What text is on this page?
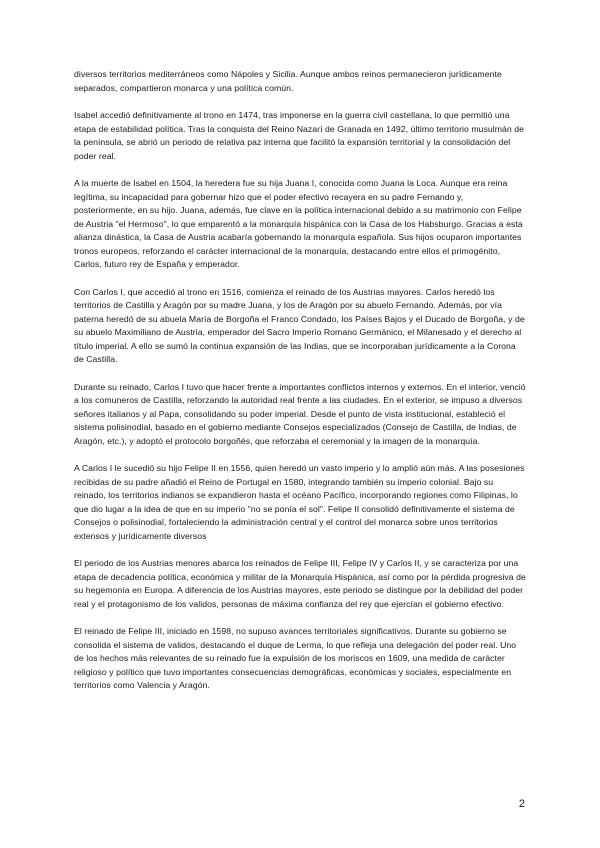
diversos territorios mediterráneos como Nápoles y Sicilia. Aunque ambos reinos permanecieron jurídicamente separados, compartieron monarca y una política común.

Isabel accedió definitivamente al trono en 1474, tras imponerse en la guerra civil castellana, lo que permitió una etapa de estabilidad política. Tras la conquista del Reino Nazarí de Granada en 1492, último territorio musulmán de la península, se abrió un periodo de relativa paz interna que facilitó la expansión territorial y la consolidación del poder real.

A la muerte de Isabel en 1504, la heredera fue su hija Juana I, conocida como Juana la Loca. Aunque era reina legítima, su incapacidad para gobernar hizo que el poder efectivo recayera en su padre Fernando y, posteriormente, en su hijo. Juana, además, fue clave en la política internacional debido a su matrimonio con Felipe de Austria "el Hermoso", lo que emparentó a la monarquía hispánica con la Casa de los Habsburgo. Gracias a esta alianza dinástica, la Casa de Austria acabaría gobernando la monarquía española. Sus hijos ocuparon importantes tronos europeos, reforzando el carácter internacional de la monarquía, destacando entre ellos el primogénito, Carlos, futuro rey de España y emperador.

Con Carlos I, que accedió al trono en 1516, comienza el reinado de los Austrias mayores. Carlos heredó los territorios de Castilla y Aragón por su madre Juana, y los de Aragón por su abuelo Fernando. Además, por vía paterna heredó de su abuela María de Borgoña el Franco Condado, los Países Bajos y el Ducado de Borgoña, y de su abuelo Maximiliano de Austria, emperador del Sacro Imperio Romano Germánico, el Milanesado y el derecho al título imperial. A ello se sumó la continua expansión de las Indias, que se incorporaban jurídicamente a la Corona de Castilla.

Durante su reinado, Carlos I tuvo que hacer frente a importantes conflictos internos y externos. En el interior, venció a los comuneros de Castilla, reforzando la autoridad real frente a las ciudades. En el exterior, se impuso a diversos señores italianos y al Papa, consolidando su poder imperial. Desde el punto de vista institucional, estableció el sistema polisinodial, basado en el gobierno mediante Consejos especializados (Consejo de Castilla, de Indias, de Aragón, etc.), y adoptó el protocolo borgoñés, que reforzaba el ceremonial y la imagen de la monarquía.

A Carlos I le sucedió su hijo Felipe II en 1556, quien heredó un vasto imperio y lo amplió aún más. A las posesiones recibidas de su padre añadió el Reino de Portugal en 1580, integrando también su imperio colonial. Bajo su reinado, los territorios indianos se expandieron hasta el océano Pacífico, incorporando regiones como Filipinas, lo que dio lugar a la idea de que en su imperio "no se ponía el sol". Felipe II consolidó definitivamente el sistema de Consejos o polisinodial, fortaleciendo la administración central y el control del monarca sobre unos territorios extensos y jurídicamente diversos

El periodo de los Austrias menores abarca los reinados de Felipe III, Felipe IV y Carlos II, y se caracteriza por una etapa de decadencia política, económica y militar de la Monarquía Hispánica, así como por la pérdida progresiva de su hegemonía en Europa. A diferencia de los Austrias mayores, este periodo se distingue por la debilidad del poder real y el protagonismo de los validos, personas de máxima confianza del rey que ejercían el gobierno efectivo.

El reinado de Felipe III, iniciado en 1598, no supuso avances territoriales significativos. Durante su gobierno se consolida el sistema de validos, destacando el duque de Lerma, lo que refleja una delegación del poder real. Uno de los hechos más relevantes de su reinado fue la expulsión de los moriscos en 1609, una medida de carácter religioso y político que tuvo importantes consecuencias demográficas, económicas y sociales, especialmente en territorios como Valencia y Aragón.

2
